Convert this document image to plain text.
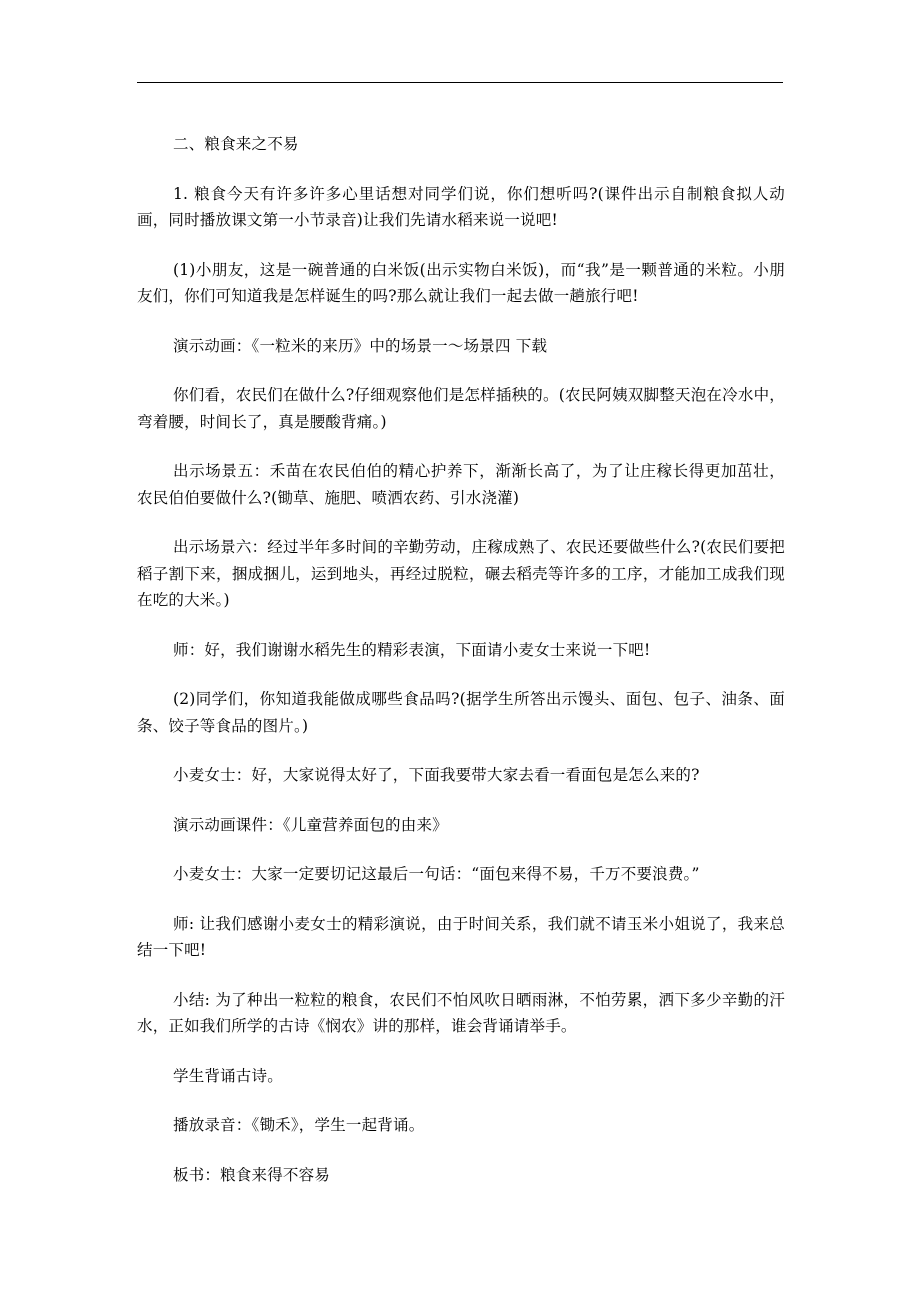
二、粮食来之不易

1. 粮食今天有许多许多心里话想对同学们说，你们想听吗?(课件出示自制粮食拟人动画，同时播放课文第一小节录音)让我们先请水稻来说一说吧!

(1)小朋友，这是一碗普通的白米饭(出示实物白米饭)，而“我”是一颗普通的米粒。小朋友们，你们可知道我是怎样诞生的吗?那么就让我们一起去做一趟旅行吧!

演示动画：《一粒米的来历》中的场景一～场景四 下载

你们看，农民们在做什么?仔细观察他们是怎样插秧的。(农民阿姨双脚整天泡在冷水中，弯着腰，时间长了，真是腰酸背痛。)

出示场景五：禾苗在农民伯伯的精心护养下，渐渐长高了，为了让庄稼长得更加茁壮，农民伯伯要做什么?(锄草、施肥、喷洒农药、引水浇灌)

出示场景六：经过半年多时间的辛勤劳动，庄稼成熟了、农民还要做些什么?(农民们要把稻子割下来，捆成捆儿，运到地头，再经过脱粒，碾去稻壳等许多的工序，才能加工成我们现在吃的大米。)

师：好，我们谢谢水稻先生的精彩表演，下面请小麦女士来说一下吧!

(2)同学们，你知道我能做成哪些食品吗?(据学生所答出示馒头、面包、包子、油条、面条、饺子等食品的图片。)

小麦女士：好，大家说得太好了，下面我要带大家去看一看面包是怎么来的?

演示动画课件：《儿童营养面包的由来》

小麦女士：大家一定要切记这最后一句话：“面包来得不易，千万不要浪费。”

师: 让我们感谢小麦女士的精彩演说，由于时间关系，我们就不请玉米小姐说了，我来总结一下吧!

小结: 为了种出一粒粒的粮食，农民们不怕风吹日晒雨淋，不怕劳累，洒下多少辛勤的汗水，正如我们所学的古诗《悯农》讲的那样，谁会背诵请举手。

学生背诵古诗。

播放录音：《锄禾》，学生一起背诵。

板书：粮食来得不容易
